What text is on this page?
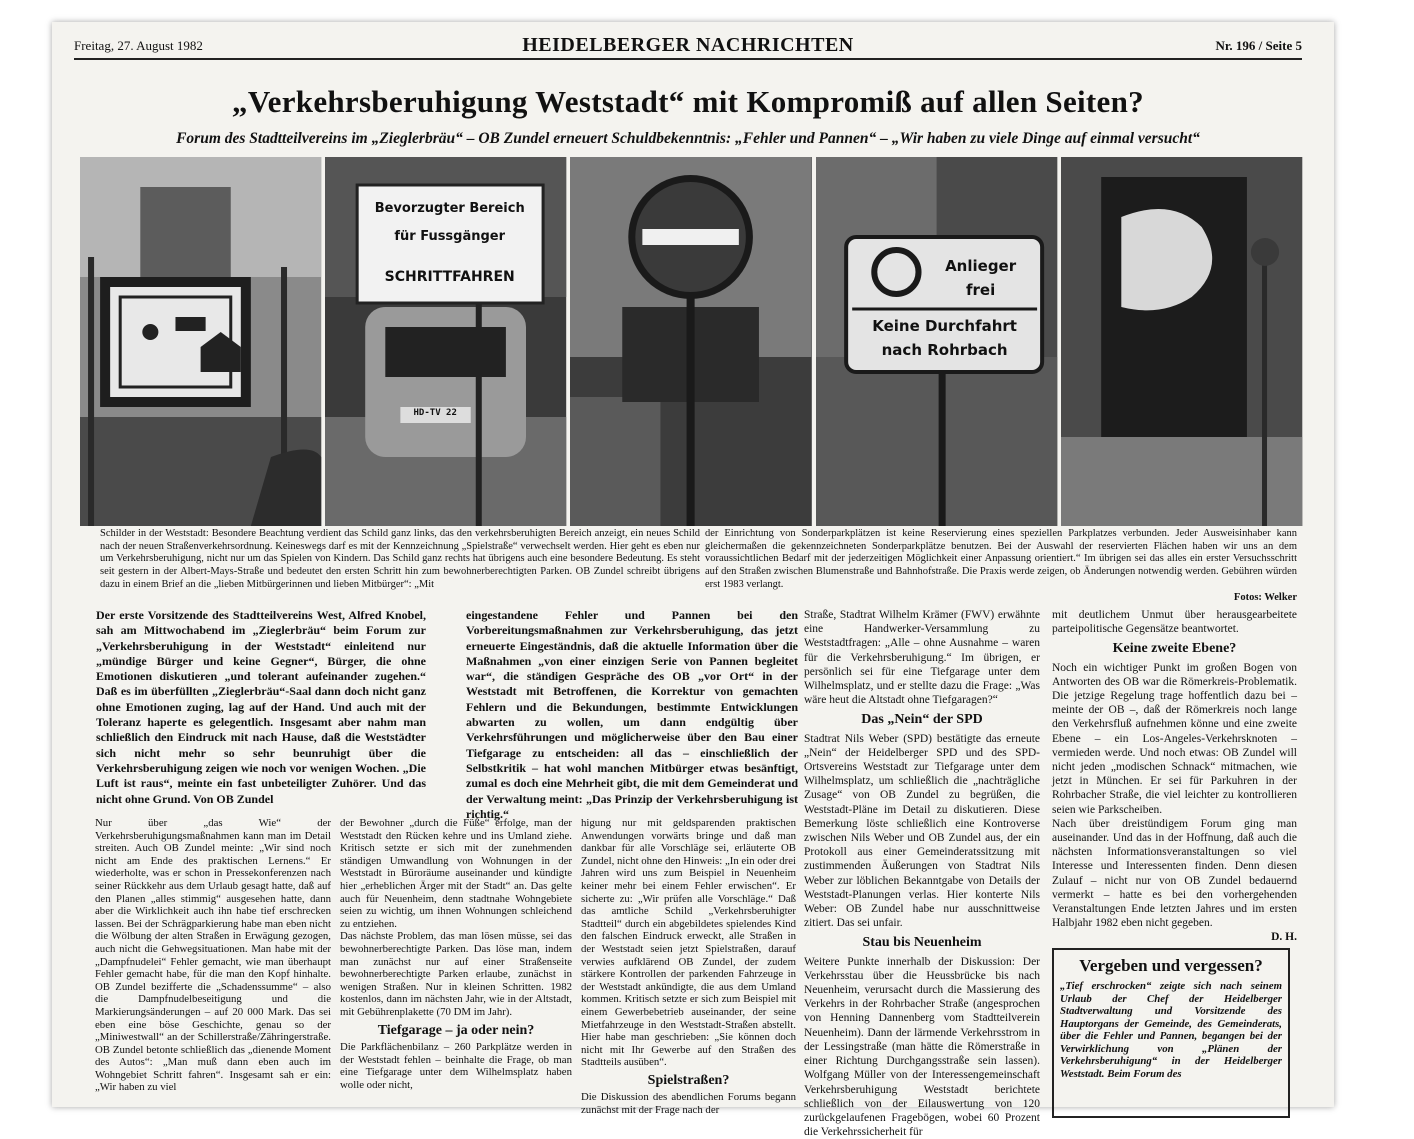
Freitag, 27. August 1982	HEIDELBERGER NACHRICHTEN	Nr. 196 / Seite 5
„Verkehrsberuhigung Weststadt“ mit Kompromiß auf allen Seiten?
Forum des Stadtteilvereins im „Zieglerbräu“ – OB Zundel erneuert Schuldbekenntnis: „Fehler und Pannen“ – „Wir haben zu viele Dinge auf einmal versucht“
Bevorzugter Bereich
für Fussgänger
SCHRITTFAHREN
HD-TV 22
Anlieger
frei
Keine Durchfahrt
nach Rohrbach
Schilder in der Weststadt: Besondere Beachtung verdient das Schild ganz links, das den verkehrsberuhigten Bereich anzeigt, ein neues Schild nach der neuen Straßenverkehrsordnung. Keineswegs darf es mit der Kennzeichnung „Spielstraße“ verwechselt werden. Hier geht es eben nur um Verkehrsberuhigung, nicht nur um das Spielen von Kindern. Das Schild ganz rechts hat übrigens auch eine besondere Bedeutung. Es steht seit gestern in der Albert-Mays-Straße und bedeutet den ersten Schritt hin zum bewohnerberechtigten Parken. OB Zundel schreibt übrigens dazu in einem Brief an die „lieben Mitbürgerinnen und lieben Mitbürger“: „Mit
der Einrichtung von Sonderparkplätzen ist keine Reservierung eines speziellen Parkplatzes verbunden. Jeder Ausweisinhaber kann gleichermaßen die gekennzeichneten Sonderparkplätze benutzen. Bei der Auswahl der reservierten Flächen haben wir uns an dem voraussichtlichen Bedarf mit der jederzeitigen Möglichkeit einer Anpassung orientiert.“ Im übrigen sei das alles ein erster Versuchsschritt auf den Straßen zwischen Blumenstraße und Bahnhofstraße. Die Praxis werde zeigen, ob Änderungen notwendig werden. Gebühren würden erst 1983 verlangt.
Fotos: Welker
Der erste Vorsitzende des Stadtteilvereins West, Alfred Knobel, sah am Mittwochabend im „Zieglerbräu“ beim Forum zur „Verkehrsberuhigung in der Weststadt“ einleitend nur „mündige Bürger und keine Gegner“, Bürger, die ohne Emotionen diskutieren „und tolerant aufeinander zugehen.“ Daß es im überfüllten „Zieglerbräu“-Saal dann doch nicht ganz ohne Emotionen zuging, lag auf der Hand. Und auch mit der Toleranz haperte es gelegentlich. Insgesamt aber nahm man schließlich den Eindruck mit nach Hause, daß die Weststädter sich nicht mehr so sehr beunruhigt über die Verkehrsberuhigung zeigen wie noch vor wenigen Wochen. „Die Luft ist raus“, meinte ein fast unbeteiligter Zuhörer. Und das nicht ohne Grund. Von OB Zundel
eingestandene Fehler und Pannen bei den Vorbereitungsmaßnahmen zur Verkehrsberuhigung, das jetzt erneuerte Eingeständnis, daß die aktuelle Information über die Maßnahmen „von einer einzigen Serie von Pannen begleitet war“, die ständigen Gespräche des OB „vor Ort“ in der Weststadt mit Betroffenen, die Korrektur von gemachten Fehlern und die Bekundungen, bestimmte Entwicklungen abwarten zu wollen, um dann endgültig über Verkehrsführungen und möglicherweise über den Bau einer Tiefgarage zu entscheiden: all das – einschließlich der Selbstkritik – hat wohl manchen Mitbürger etwas besänftigt, zumal es doch eine Mehrheit gibt, die mit dem Gemeinderat und der Verwaltung meint: „Das Prinzip der Verkehrsberuhigung ist richtig.“
Straße, Stadtrat Wilhelm Krämer (FWV) erwähnte eine Handwerker-Versammlung zu Weststadtfragen: „Alle – ohne Ausnahme – waren für die Verkehrsberuhigung.“ Im übrigen, er persönlich sei für eine Tiefgarage unter dem Wilhelmsplatz, und er stellte dazu die Frage: „Was wäre heut die Altstadt ohne Tiefgaragen?“
Das „Nein“ der SPD
Stadtrat Nils Weber (SPD) bestätigte das erneute „Nein“ der Heidelberger SPD und des SPD-Ortsvereins Weststadt zur Tiefgarage unter dem Wilhelmsplatz, um schließlich die „nachträgliche Zusage“ von OB Zundel zu begrüßen, die Weststadt-Pläne im Detail zu diskutieren. Diese Bemerkung löste schließlich eine Kontroverse zwischen Nils Weber und OB Zundel aus, der ein Protokoll aus einer Gemeinderatssitzung mit zustimmenden Äußerungen von Stadtrat Nils Weber zur löblichen Bekanntgabe von Details der Weststadt-Planungen verlas. Hier konterte Nils Weber: OB Zundel habe nur ausschnittweise zitiert. Das sei unfair.
Stau bis Neuenheim
Weitere Punkte innerhalb der Diskussion: Der Verkehrsstau über die Heussbrücke bis nach Neuenheim, verursacht durch die Massierung des Verkehrs in der Rohrbacher Straße (angesprochen von Henning Dannenberg vom Stadtteilverein Neuenheim). Dann der lärmende Verkehrsstrom in der Lessingstraße (man hätte die Römerstraße in einer Richtung Durchgangsstraße sein lassen). Wolfgang Müller von der Interessengemeinschaft Verkehrsberuhigung Weststadt berichtete schließlich von der Eilauswertung von 120 zurückgelaufenen Fragebögen, wobei 60 Prozent die Verkehrssicherheit für
mit deutlichem Unmut über herausgearbeitete parteipolitische Gegensätze beantwortet.
Keine zweite Ebene?
Noch ein wichtiger Punkt im großen Bogen von Antworten des OB war die Römerkreis-Problematik. Die jetzige Regelung trage hoffentlich dazu bei – meinte der OB –, daß der Römerkreis noch lange den Verkehrsfluß aufnehmen könne und eine zweite Ebene – ein Los-Angeles-Verkehrsknoten – vermieden werde. Und noch etwas: OB Zundel will nicht jeden „modischen Schnack“ mitmachen, wie jetzt in München. Er sei für Parkuhren in der Rohrbacher Straße, die viel leichter zu kontrollieren seien wie Parkscheiben.
Nach über dreistündigem Forum ging man auseinander. Und das in der Hoffnung, daß auch die nächsten Informationsveranstaltungen so viel Interesse und Interessenten finden. Denn diesen Zulauf – nicht nur von OB Zundel bedauernd vermerkt – hatte es bei den vorhergehenden Veranstaltungen Ende letzten Jahres und im ersten Halbjahr 1982 eben nicht gegeben.
D. H.
Nur über „das Wie“ der Verkehrsberuhigungsmaßnahmen kann man im Detail streiten. Auch OB Zundel meinte: „Wir sind noch nicht am Ende des praktischen Lernens.“ Er wiederholte, was er schon in Pressekonferenzen nach seiner Rückkehr aus dem Urlaub gesagt hatte, daß auf den Planen „alles stimmig“ ausgesehen hatte, dann aber die Wirklichkeit auch ihn habe tief erschrecken lassen. Bei der Schrägparkierung habe man eben nicht die Wölbung der alten Straßen in Erwägung gezogen, auch nicht die Gehwegsituationen. Man habe mit der „Dampfnudelei“ Fehler gemacht, wie man überhaupt Fehler gemacht habe, für die man den Kopf hinhalte. OB Zundel bezifferte die „Schadenssumme“ – also die Dampfnudelbeseitigung und die Markierungsänderungen – auf 20 000 Mark. Das sei eben eine böse Geschichte, genau so der „Miniwestwall“ an der Schillerstraße/Zähringerstraße. OB Zundel betonte schließlich das „dienende Moment des Autos“: „Man muß dann eben auch im Wohngebiet Schritt fahren“. Insgesamt sah er ein: „Wir haben zu viel
der Bewohner „durch die Füße“ erfolge, man der Weststadt den Rücken kehre und ins Umland ziehe. Kritisch setzte er sich mit der zunehmenden ständigen Umwandlung von Wohnungen in der Weststadt in Büroräume auseinander und kündigte hier „erheblichen Ärger mit der Stadt“ an. Das gelte auch für Neuenheim, denn stadtnahe Wohngebiete seien zu wichtig, um ihnen Wohnungen schleichend zu entziehen.
Das nächste Problem, das man lösen müsse, sei das bewohnerberechtigte Parken. Das löse man, indem man zunächst nur auf einer Straßenseite bewohnerberechtigte Parken erlaube, zunächst in wenigen Straßen. Nur in kleinen Schritten. 1982 kostenlos, dann im nächsten Jahr, wie in der Altstadt, mit Gebührenplakette (70 DM im Jahr).
Tiefgarage – ja oder nein?
Die Parkflächenbilanz – 260 Parkplätze werden in der Weststadt fehlen – beinhalte die Frage, ob man eine Tiefgarage unter dem Wilhelmsplatz haben wolle oder nicht,
higung nur mit geldsparenden praktischen Anwendungen vorwärts bringe und daß man dankbar für alle Vorschläge sei, erläuterte OB Zundel, nicht ohne den Hinweis: „In ein oder drei Jahren wird uns zum Beispiel in Neuenheim keiner mehr bei einem Fehler erwischen“. Er sicherte zu: „Wir prüfen alle Vorschläge.“ Daß das amtliche Schild „Verkehrsberuhigter Stadtteil“ durch ein abgebildetes spielendes Kind den falschen Eindruck erweckt, alle Straßen in der Weststadt seien jetzt Spielstraßen, darauf verwies aufklärend OB Zundel, der zudem stärkere Kontrollen der parkenden Fahrzeuge in der Weststadt ankündigte, die aus dem Umland kommen. Kritisch setzte er sich zum Beispiel mit einem Gewerbebetrieb auseinander, der seine Mietfahrzeuge in den Weststadt-Straßen abstellt. Hier habe man geschrieben: „Sie können doch nicht mit Ihr Gewerbe auf den Straßen des Stadtteils ausüben“.
Spielstraßen?
Die Diskussion des abendlichen Forums begann zunächst mit der Frage nach der
Vergeben und vergessen?

„Tief erschrocken“ zeigte sich nach seinem Urlaub der Chef der Heidelberger Stadtverwaltung und Vorsitzende des Hauptorgans der Gemeinde, des Gemeinderats, über die Fehler und Pannen, begangen bei der Verwirklichung von „Plänen der Verkehrsberuhigung“ in der Heidelberger Weststadt. Beim Forum des
